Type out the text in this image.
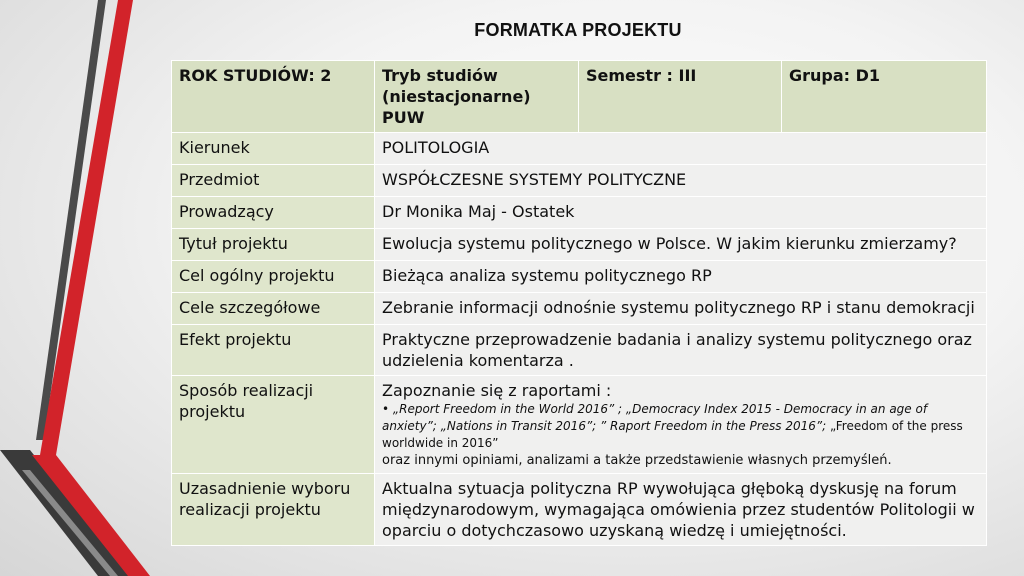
FORMATKA PROJEKTU
ROK STUDIÓW: 2	Tryb studiów (niestacjonarne) PUW	Semestr : III	Grupa: D1
Kierunek	POLITOLOGIA		
Przedmiot	WSPÓŁCZESNE SYSTEMY POLITYCZNE		
Prowadzący	Dr Monika Maj - Ostatek		
Tytuł projektu	Ewolucja systemu politycznego w Polsce. W jakim kierunku zmierzamy?		
Cel ogólny projektu	Bieżąca analiza systemu politycznego RP		
Cele szczegółowe	Zebranie informacji odnośnie systemu politycznego RP i stanu demokracji		
Efekt projektu	Praktyczne przeprowadzenie badania i analizy systemu politycznego oraz udzielenia komentarza .		
Sposób realizacji projektu	Zapoznanie się z raportami :
• „Report Freedom in the World 2016” ; „Democracy Index 2015 - Democracy in an age of anxiety”; „Nations in Transit 2016”; ” Raport Freedom in the Press 2016”; „Freedom of the press worldwide in 2016”
oraz innymi opiniami, analizami a także przedstawienie własnych przemyśleń.		

Uzasadnienie wyboru realizacji projektu	Aktualna sytuacja polityczna RP wywołująca głęboką dyskusję na forum międzynarodowym, wymagająca omówienia przez studentów Politologii w oparciu o dotychczasowo uzyskaną wiedzę i umiejętności.		
